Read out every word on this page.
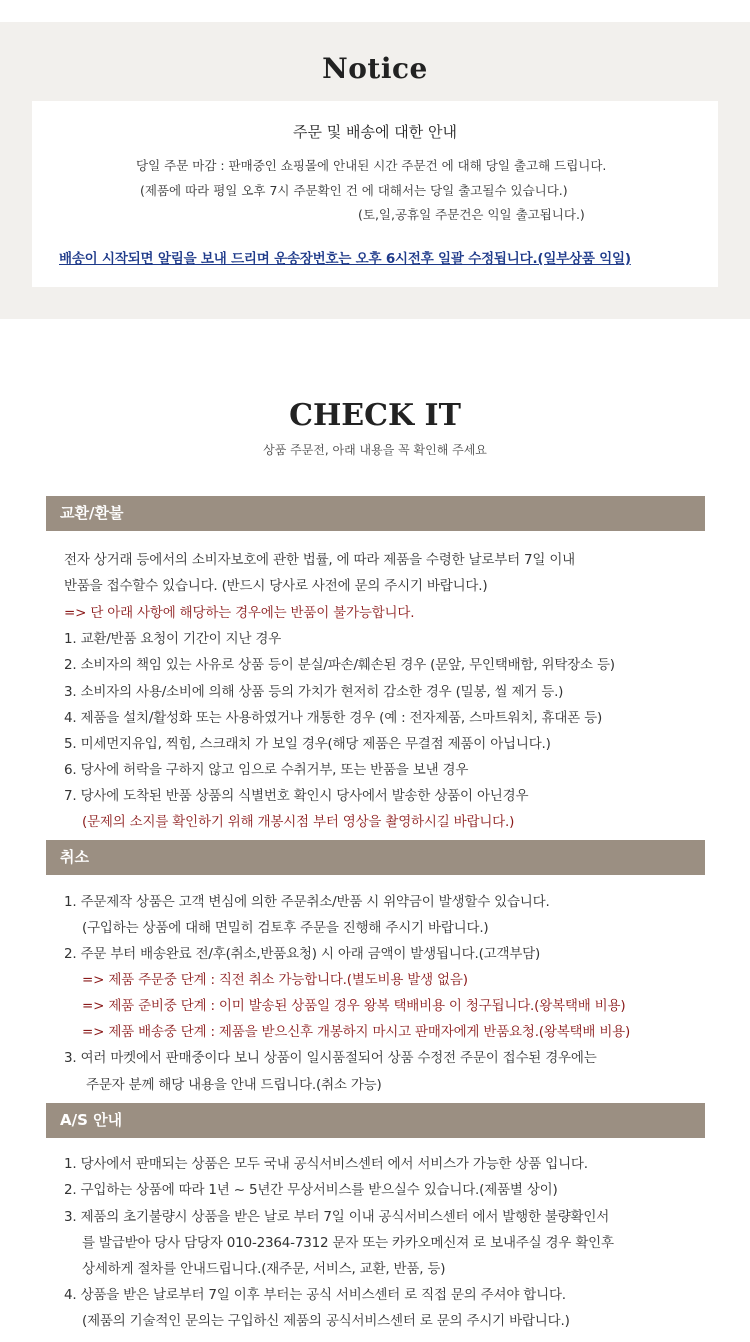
Notice
주문 및 배송에 대한 안내
당일 주문 마감 : 판매중인 쇼핑몰에 안내된 시간 주문건 에 대해 당일 출고해 드립니다.
(제품에 따라 평일 오후 7시 주문확인 건 에 대해서는 당일 출고될수 있습니다.)
(토,일,공휴일 주문건은 익일 출고됩니다.)
배송이 시작되면 알림을 보내 드리며 운송장번호는 오후 6시전후 일괄 수정됩니다.(일부상품 익일)
CHECK IT
상품 주문전, 아래 내용을 꼭 확인해 주세요
교환/환불
전자 상거래 등에서의 소비자보호에 관한 법률, 에 따라 제품을 수령한 날로부터 7일 이내
반품을 접수할수 있습니다. (반드시 당사로 사전에 문의 주시기 바랍니다.)
=> 단 아래 사항에 해당하는 경우에는 반품이 불가능합니다.
1. 교환/반품 요청이 기간이 지난 경우
2. 소비자의 책임 있는 사유로 상품 등이 분실/파손/훼손된 경우 (문앞, 무인택배함, 위탁장소 등)
3. 소비자의 사용/소비에 의해 상품 등의 가치가 현저히 감소한 경우 (밀봉, 씰 제거 등.)
4. 제품을 설치/활성화 또는 사용하였거나 개통한 경우 (예 : 전자제품, 스마트워치, 휴대폰 등)
5. 미세먼지유입, 찍힘, 스크래치 가 보일 경우(해당 제품은 무결점 제품이 아닙니다.)
6. 당사에 허락을 구하지 않고 임으로 수취거부, 또는 반품을 보낸 경우
7. 당사에 도착된 반품 상품의 식별번호 확인시 당사에서 발송한 상품이 아닌경우
(문제의 소지를 확인하기 위해 개봉시점 부터 영상을 촬영하시길 바랍니다.)
취소
1. 주문제작 상품은 고객 변심에 의한 주문취소/반품 시 위약금이 발생할수 있습니다.
(구입하는 상품에 대해 면밀히 검토후 주문을 진행해 주시기 바랍니다.)
2. 주문 부터 배송완료 전/후(취소,반품요청) 시 아래 금액이 발생됩니다.(고객부담)
=> 제품 주문중 단계 : 직전 취소 가능합니다.(별도비용 발생 없음)
=> 제품 준비중 단계 : 이미 발송된 상품일 경우 왕복 택배비용 이 청구됩니다.(왕복택배 비용)
=> 제품 배송중 단계 : 제품을 받으신후 개봉하지 마시고 판매자에게 반품요청.(왕복택배 비용)
3. 여러 마켓에서 판매중이다 보니 상품이 일시품절되어 상품 수정전 주문이 접수된 경우에는
주문자 분께 해당 내용을 안내 드립니다.(취소 가능)
A/S 안내
1. 당사에서 판매되는 상품은 모두 국내 공식서비스센터 에서 서비스가 가능한 상품 입니다.
2. 구입하는 상품에 따라 1년 ~ 5년간 무상서비스를 받으실수 있습니다.(제품별 상이)
3. 제품의 초기불량시 상품을 받은 날로 부터 7일 이내 공식서비스센터 에서 발행한 불량확인서
를 발급받아 당사 담당자 010-2364-7312 문자 또는 카카오메신져 로 보내주실 경우 확인후
상세하게 절차를 안내드립니다.(재주문, 서비스, 교환, 반품, 등)
4. 상품을 받은 날로부터 7일 이후 부터는 공식 서비스센터 로 직접 문의 주셔야 합니다.
(제품의 기술적인 문의는 구입하신 제품의 공식서비스센터 로 문의 주시기 바랍니다.)
